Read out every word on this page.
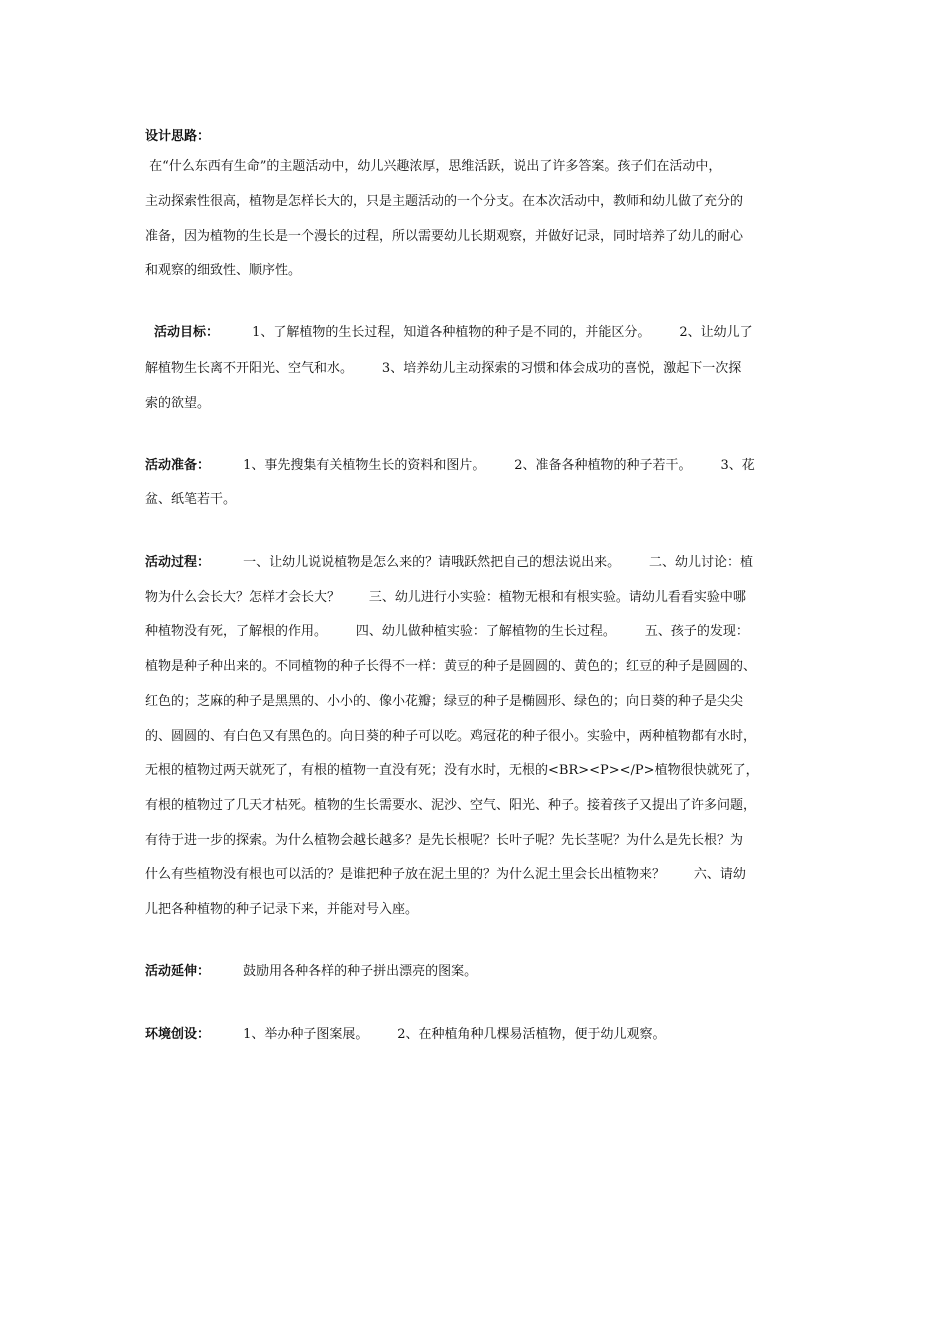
设计思路：
在“什么东西有生命”的主题活动中，幼儿兴趣浓厚，思维活跃，说出了许多答案。孩子们在活动中，
主动探索性很高，植物是怎样长大的，只是主题活动的一个分支。在本次活动中，教师和幼儿做了充分的
准备，因为植物的生长是一个漫长的过程，所以需要幼儿长期观察，并做好记录，同时培养了幼儿的耐心
和观察的细致性、顺序性。
活动目标：        1、了解植物的生长过程，知道各种植物的种子是不同的，并能区分。       2、让幼儿了
解植物生长离不开阳光、空气和水。       3、培养幼儿主动探索的习惯和体会成功的喜悦，激起下一次探
索的欲望。
活动准备：        1、事先搜集有关植物生长的资料和图片。       2、准备各种植物的种子若干。       3、花
盆、纸笔若干。
活动过程：        一、让幼儿说说植物是怎么来的？请哦跃然把自己的想法说出来。       二、幼儿讨论：植
物为什么会长大？怎样才会长大？       三、幼儿进行小实验：植物无根和有根实验。请幼儿看看实验中哪
种植物没有死，了解根的作用。       四、幼儿做种植实验：了解植物的生长过程。       五、孩子的发现：
植物是种子种出来的。不同植物的种子长得不一样：黄豆的种子是圆圆的、黄色的；红豆的种子是圆圆的、
红色的；芝麻的种子是黑黑的、小小的、像小花瓣；绿豆的种子是椭圆形、绿色的；向日葵的种子是尖尖
的、圆圆的、有白色又有黑色的。向日葵的种子可以吃。鸡冠花的种子很小。实验中，两种植物都有水时，
无根的植物过两天就死了，有根的植物一直没有死；没有水时，无根的<BR><P></P>植物很快就死了，
有根的植物过了几天才枯死。植物的生长需要水、泥沙、空气、阳光、种子。接着孩子又提出了许多问题，
有待于进一步的探索。为什么植物会越长越多？是先长根呢？长叶子呢？先长茎呢？为什么是先长根？为
什么有些植物没有根也可以活的？是谁把种子放在泥土里的？为什么泥土里会长出植物来？       六、请幼
儿把各种植物的种子记录下来，并能对号入座。
活动延伸：        鼓励用各种各样的种子拼出漂亮的图案。
环境创设：        1、举办种子图案展。       2、在种植角种几棵易活植物，便于幼儿观察。
